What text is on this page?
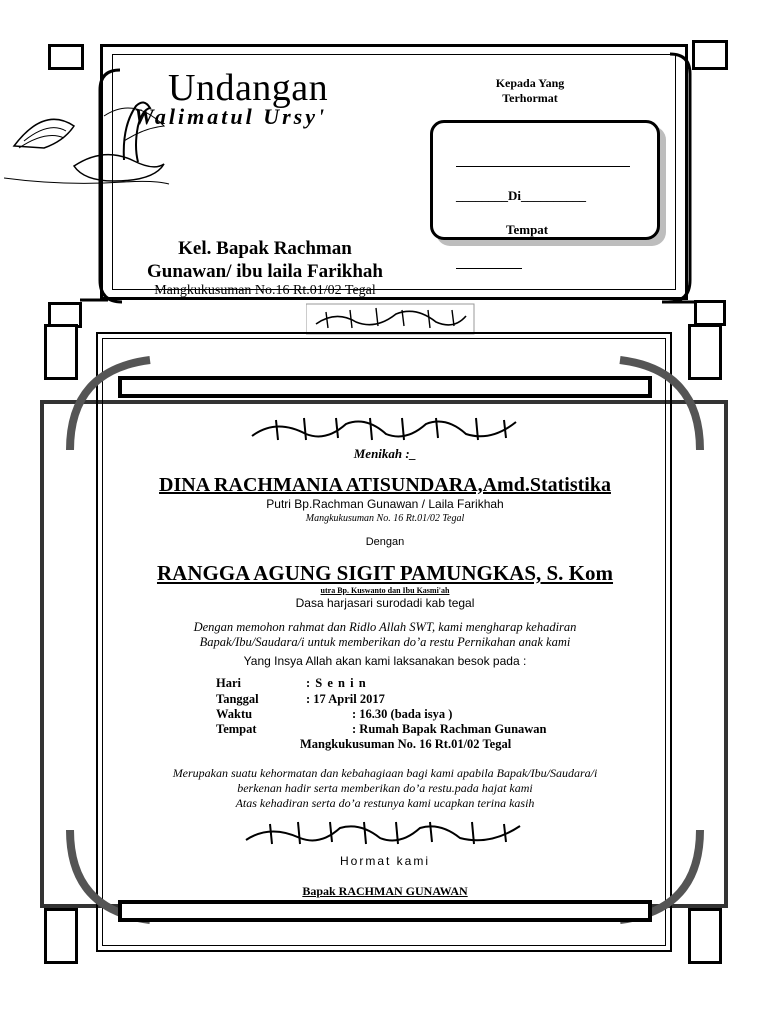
Undangan
Walimatul Ursy'
Kepada Yang
Terhormat
________Di__________
Tempat
Kel. Bapak Rachman
Gunawan/ ibu laila Farikhah
Mangkukusuman No.16 Rt.01/02 Tegal
Menikah :_
DINA RACHMANIA ATISUNDARA,Amd.Statistika
Putri Bp.Rachman Gunawan / Laila Farikhah
Mangkukusuman No. 16 Rt.01/02 Tegal
Dengan
RANGGA AGUNG SIGIT PAMUNGKAS, S. Kom
utra Bp. Kuswanto dan Ibu Kasmi'ah
Dasa harjasari surodadi kab tegal
Dengan memohon rahmat dan Ridlo Allah SWT, kami mengharap kehadiran
Bapak/Ibu/Saudara/i untuk memberikan do’a restu Pernikahan anak kami
Yang Insya Allah akan kami laksanakan besok pada :
Hari	: S e n i n
Tanggal	: 17 April 2017
Waktu	: 16.30 (bada isya )
Tempat	: Rumah Bapak Rachman Gunawan
Mangkukusuman No. 16 Rt.01/02 Tegal
Merupakan suatu kehormatan dan kebahagiaan bagi kami apabila Bapak/Ibu/Saudara/i
berkenan hadir serta memberikan do’a restu.pada hajat kami
Atas kehadiran serta do’a restunya kami ucapkan terina kasih
Hormat kami
Bapak RACHMAN GUNAWAN
